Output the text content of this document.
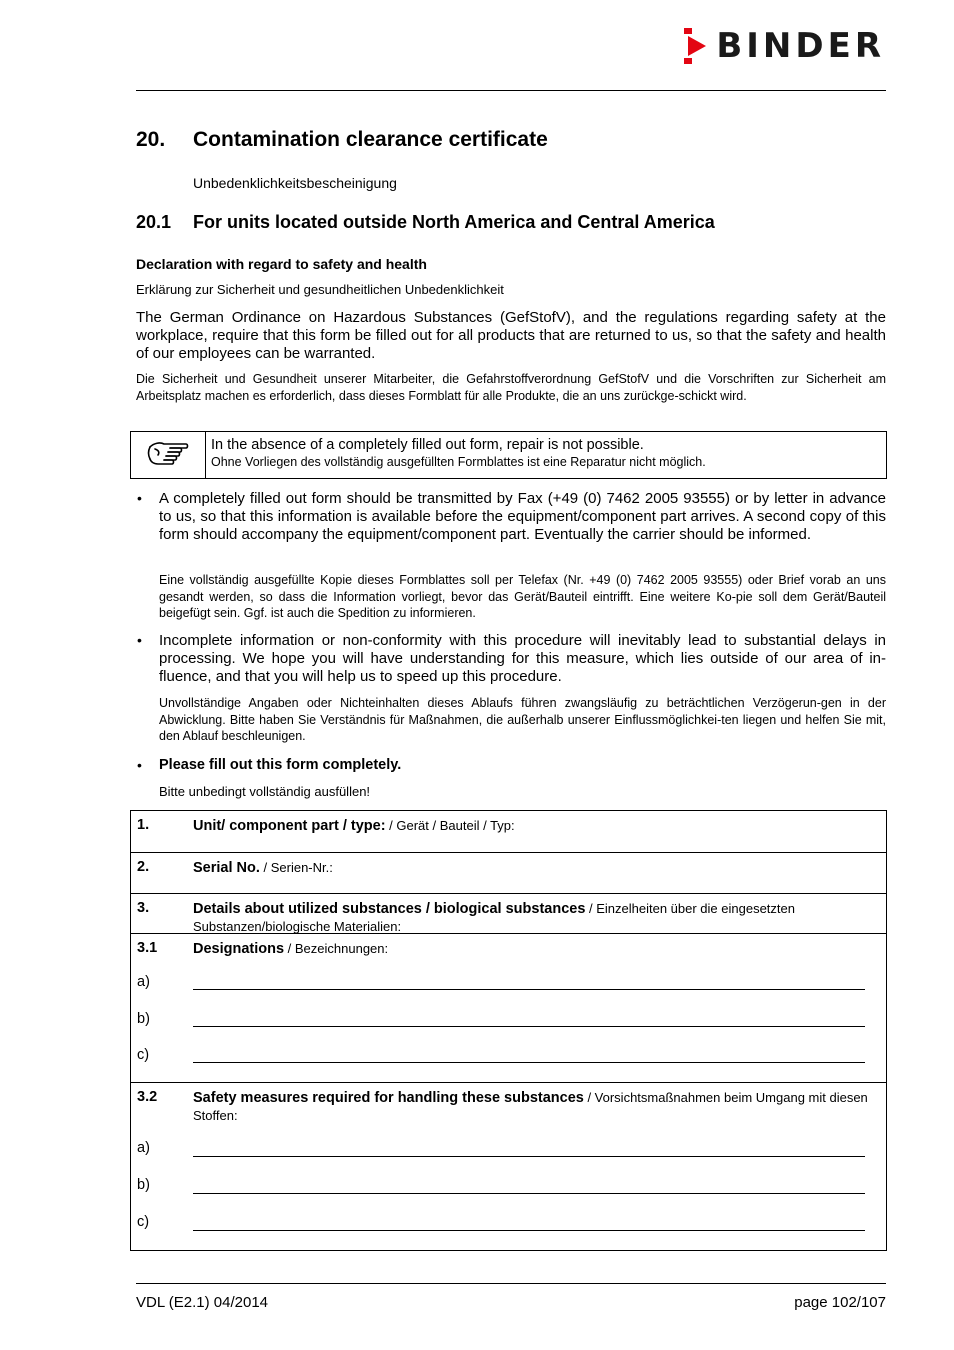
BINDER
20. Contamination clearance certificate
Unbedenklichkeitsbescheinigung
20.1 For units located outside North America and Central America
Declaration with regard to safety and health
Erklärung zur Sicherheit und gesundheitlichen Unbedenklichkeit
The German Ordinance on Hazardous Substances (GefStofV), and the regulations regarding safety at the workplace, require that this form be filled out for all products that are returned to us, so that the safety and health of our employees can be warranted.
Die Sicherheit und Gesundheit unserer Mitarbeiter, die Gefahrstoffverordnung GefStofV und die Vorschriften zur Sicherheit am Arbeitsplatz machen es erforderlich, dass dieses Formblatt für alle Produkte, die an uns zurückge-schickt wird.
In the absence of a completely filled out form, repair is not possible.
Ohne Vorliegen des vollständig ausgefüllten Formblattes ist eine Reparatur nicht möglich.
• A completely filled out form should be transmitted by Fax (+49 (0) 7462 2005 93555) or by letter in advance to us, so that this information is available before the equipment/component part arrives. A second copy of this form should accompany the equipment/component part. Eventually the carrier should be informed.
Eine vollständig ausgefüllte Kopie dieses Formblattes soll per Telefax (Nr. +49 (0) 7462 2005 93555) oder Brief vorab an uns gesandt werden, so dass die Information vorliegt, bevor das Gerät/Bauteil eintrifft. Eine weitere Ko-pie soll dem Gerät/Bauteil beigefügt sein. Ggf. ist auch die Spedition zu informieren.
• Incomplete information or non-conformity with this procedure will inevitably lead to substantial delays in processing. We hope you will have understanding for this measure, which lies outside of our area of in-fluence, and that you will help us to speed up this procedure.
Unvollständige Angaben oder Nichteinhalten dieses Ablaufs führen zwangsläufig zu beträchtlichen Verzögerun-gen in der Abwicklung. Bitte haben Sie Verständnis für Maßnahmen, die außerhalb unserer Einflussmöglichkei-ten liegen und helfen Sie mit, den Ablauf beschleunigen.
• Please fill out this form completely.
Bitte unbedingt vollständig ausfüllen!
1.	Unit/ component part / type: / Gerät / Bauteil / Typ:
2.	Serial No. / Serien-Nr.:
3.	Details about utilized substances / biological substances / Einzelheiten über die eingesetzten Substanzen/biologische Materialien:
3.1 Designations / Bezeichnungen:
a)
b)
c)
3.2 Safety measures required for handling these substances / Vorsichtsmaßnahmen beim Umgang mit diesen Stoffen:
a)
b)
c)
VDL (E2.1) 04/2014	page 102/107
